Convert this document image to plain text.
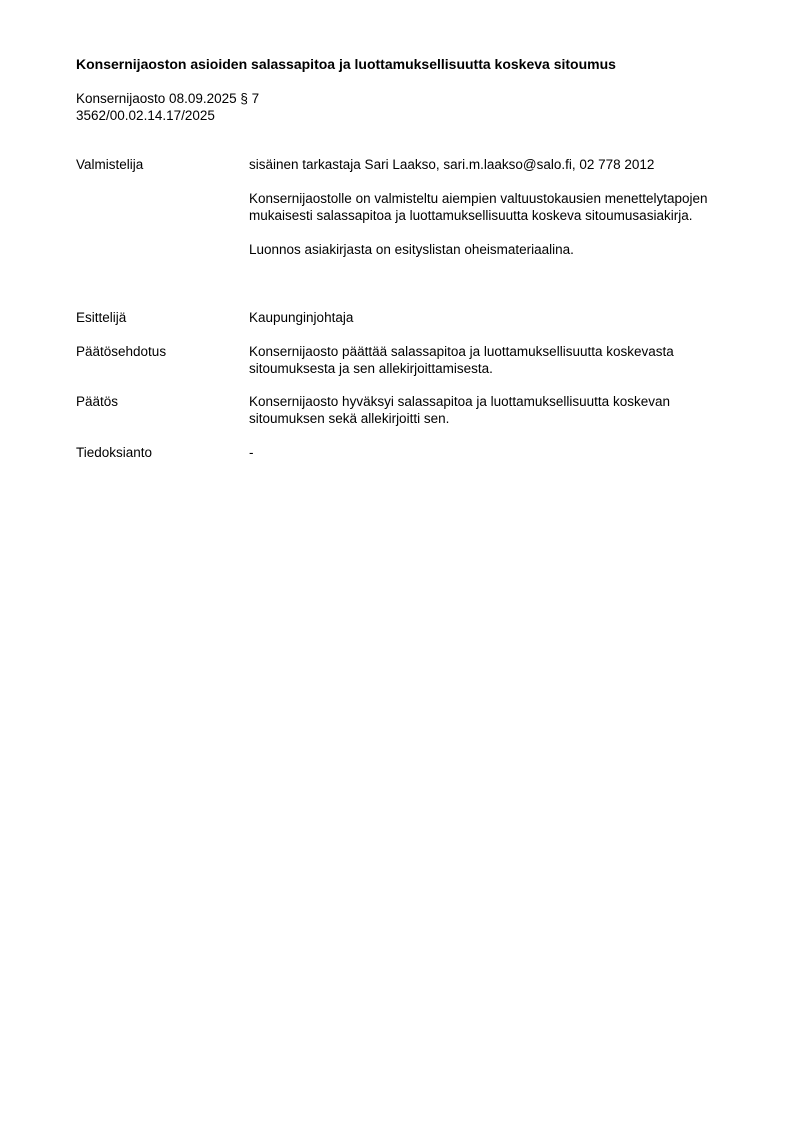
Konsernijaoston asioiden salassapitoa ja luottamuksellisuutta koskeva sitoumus
Konsernijaosto 08.09.2025 § 7
3562/00.02.14.17/2025
Valmistelija	sisäinen tarkastaja Sari Laakso, sari.m.laakso@salo.fi, 02 778 2012

Konsernijaostolle on valmisteltu aiempien valtuustokausien menettelytapojen mukaisesti salassapitoa ja luottamuksellisuutta koskeva sitoumusasiakirja.

Luonnos asiakirjasta on esityslistan oheismateriaalina.

Esittelijä	Kaupunginjohtaja
Päätösehdotus	Konsernijaosto päättää salassapitoa ja luottamuksellisuutta koskevasta sitoumuksesta ja sen allekirjoittamisesta.
Päätös	Konsernijaosto hyväksyi salassapitoa ja luottamuksellisuutta koskevan sitoumuksen sekä allekirjoitti sen.
Tiedoksianto	-
